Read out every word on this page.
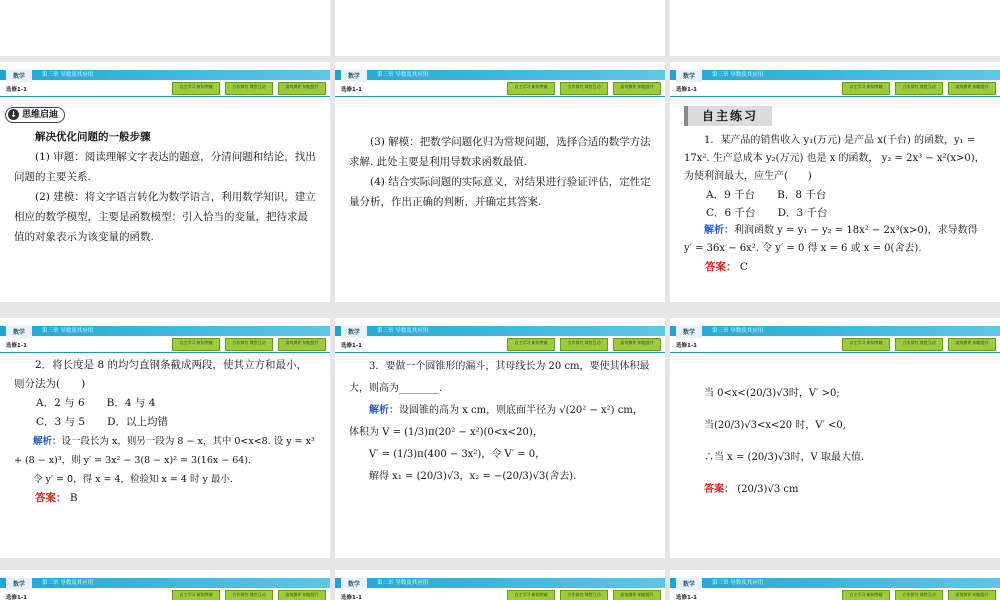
数学	第三章 导数及其应用
选修1-1
自主学习 新知突破	合作探究 课堂互动	高效测评 知能提升
↓ 思维启迪

解决优化问题的一般步骤

(1) 审题：阅读理解文字表达的题意，分清问题和结论，找出问题的主要关系.

(2) 建模：将文字语言转化为数学语言，利用数学知识，建立相应的数学模型，主要是函数模型：引入恰当的变量，把待求最值的对象表示为该变量的函数.

数学	第三章 导数及其应用
选修1-1
自主学习 新知突破	合作探究 课堂互动	高效测评 知能提升

(3) 解模：把数学问题化归为常规问题，选择合适的数学方法求解. 此处主要是利用导数求函数最值.

(4) 结合实际问题的实际意义，对结果进行验证评估，定性定量分析，作出正确的判断，并确定其答案.

数学	第三章 导数及其应用
选修1-1
自主学习 新知突破	合作探究 课堂互动	高效测评 知能提升
自主练习

1．某产品的销售收入 y₁(万元) 是产品 x(千台) 的函数，y₁ = 17x². 生产总成本 y₂(万元) 也是 x 的函数， y₂ = 2x³ − x²(x>0)，为使利润最大，应生产(　　)

A．9 千台 B．8 千台
C．6 千台 D．3 千台

解析：利润函数 y = y₁ − y₂ = 18x² − 2x³(x>0)，求导数得 y′ = 36x − 6x². 令 y′ = 0 得 x = 6 或 x = 0(舍去).

答案： C

数学	第三章 导数及其应用
选修1-1
自主学习 新知突破	合作探究 课堂互动	高效测评 知能提升

2．将长度是 8 的均匀直钢条截成两段，使其立方和最小，则分法为(　　)

A．2 与 6 B．4 与 4
C．3 与 5 D．以上均错

解析：设一段长为 x，则另一段为 8 − x，其中 0<x<8. 设 y = x³ + (8 − x)³，则 y′ = 3x² − 3(8 − x)² = 3(16x − 64).

令 y′ = 0，得 x = 4，检验知 x = 4 时 y 最小.

答案： B

数学	第三章 导数及其应用
选修1-1
自主学习 新知突破	合作探究 课堂互动	高效测评 知能提升

3．要做一个圆锥形的漏斗，其母线长为 20 cm，要使其体积最大，则高为________.

解析：设圆锥的高为 x cm，则底面半径为 √(20² − x²) cm，

体积为 V = (1/3)π(20² − x²)(0<x<20)，

V′ = (1/3)π(400 − 3x²)，令 V′ = 0，

解得 x₁ = (20/3)√3，x₂ = −(20/3)√3(舍去).

数学	第三章 导数及其应用
选修1-1
自主学习 新知突破	合作探究 课堂互动	高效测评 知能提升

当 0<x<(20/3)√3时，V′ >0;

当(20/3)√3<x<20 时，V′ <0,

∴当 x = (20/3)√3时，V 取最大值.

答案： (20/3)√3 cm

数学	第三章 导数及其应用
选修1-1
自主学习 新知突破	合作探究 课堂互动	高效测评 知能提升
数学	第三章 导数及其应用
选修1-1
自主学习 新知突破	合作探究 课堂互动	高效测评 知能提升
数学	第三章 导数及其应用
选修1-1
自主学习 新知突破	合作探究 课堂互动	高效测评 知能提升
